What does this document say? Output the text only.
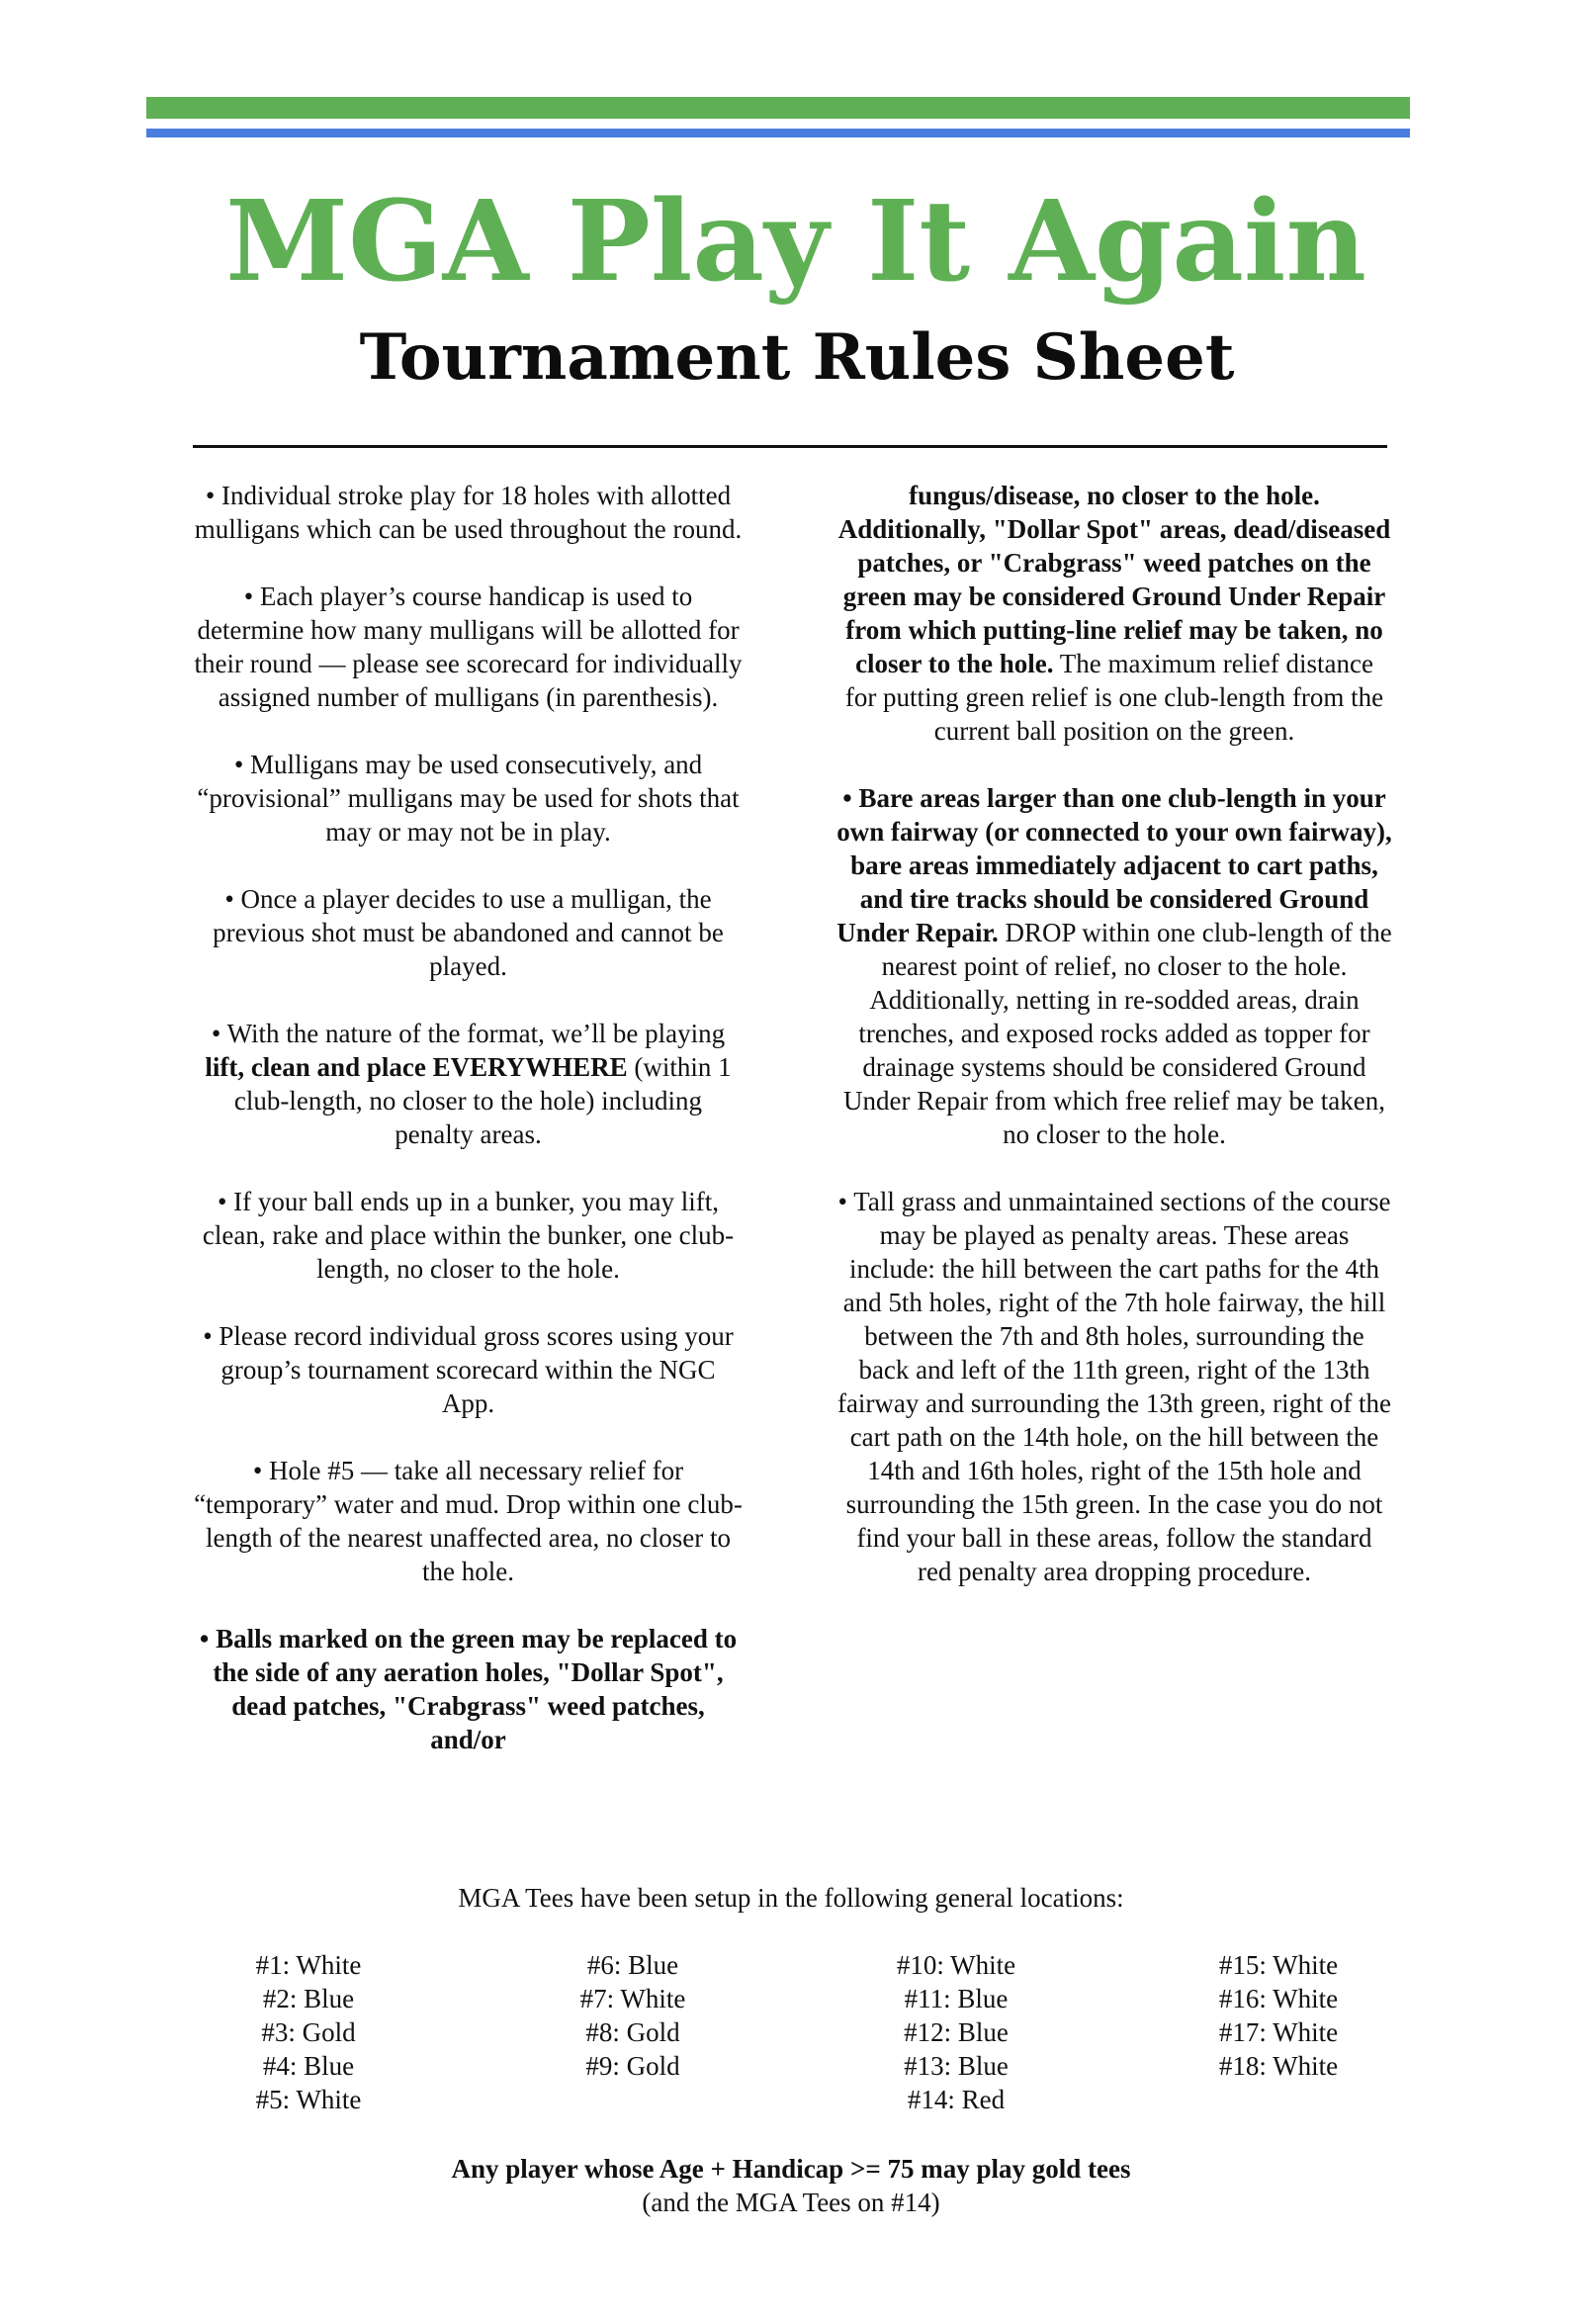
MGA Play It Again
Tournament Rules Sheet

• Individual stroke play for 18 holes with allotted mulligans which can be used throughout the round.

• Each player’s course handicap is used to determine how many mulligans will be allotted for their round — please see scorecard for individually assigned number of mulligans (in parenthesis).

• Mulligans may be used consecutively, and “provisional” mulligans may be used for shots that may or may not be in play.

• Once a player decides to use a mulligan, the previous shot must be abandoned and cannot be played.

• With the nature of the format, we’ll be playing lift, clean and place EVERYWHERE (within 1 club-length, no closer to the hole) including penalty areas.

• If your ball ends up in a bunker, you may lift, clean, rake and place within the bunker, one club-length, no closer to the hole.

• Please record individual gross scores using your group’s tournament scorecard within the NGC App.

• Hole #5 — take all necessary relief for “temporary” water and mud. Drop within one club-length of the nearest unaffected area, no closer to the hole.

• Balls marked on the green may be replaced to the side of any aeration holes, "Dollar Spot", dead patches, "Crabgrass" weed patches, and/or

fungus/disease, no closer to the hole. Additionally, "Dollar Spot" areas, dead/diseased patches, or "Crabgrass" weed patches on the green may be considered Ground Under Repair from which putting-line relief may be taken, no closer to the hole. The maximum relief distance for putting green relief is one club-length from the current ball position on the green.

• Bare areas larger than one club-length in your own fairway (or connected to your own fairway), bare areas immediately adjacent to cart paths, and tire tracks should be considered Ground Under Repair. DROP within one club-length of the nearest point of relief, no closer to the hole. Additionally, netting in re-sodded areas, drain trenches, and exposed rocks added as topper for drainage systems should be considered Ground Under Repair from which free relief may be taken, no closer to the hole.

• Tall grass and unmaintained sections of the course may be played as penalty areas. These areas include: the hill between the cart paths for the 4th and 5th holes, right of the 7th hole fairway, the hill between the 7th and 8th holes, surrounding the back and left of the 11th green, right of the 13th fairway and surrounding the 13th green, right of the cart path on the 14th hole, on the hill between the 14th and 16th holes, right of the 15th hole and surrounding the 15th green. In the case you do not find your ball in these areas, follow the standard red penalty area dropping procedure.

MGA Tees have been setup in the following general locations:
#1: White
#2: Blue
#3: Gold
#4: Blue
#5: White
#6: Blue
#7: White
#8: Gold
#9: Gold
#10: White
#11: Blue
#12: Blue
#13: Blue
#14: Red
#15: White
#16: White
#17: White
#18: White
Any player whose Age + Handicap >= 75 may play gold tees
(and the MGA Tees on #14)
